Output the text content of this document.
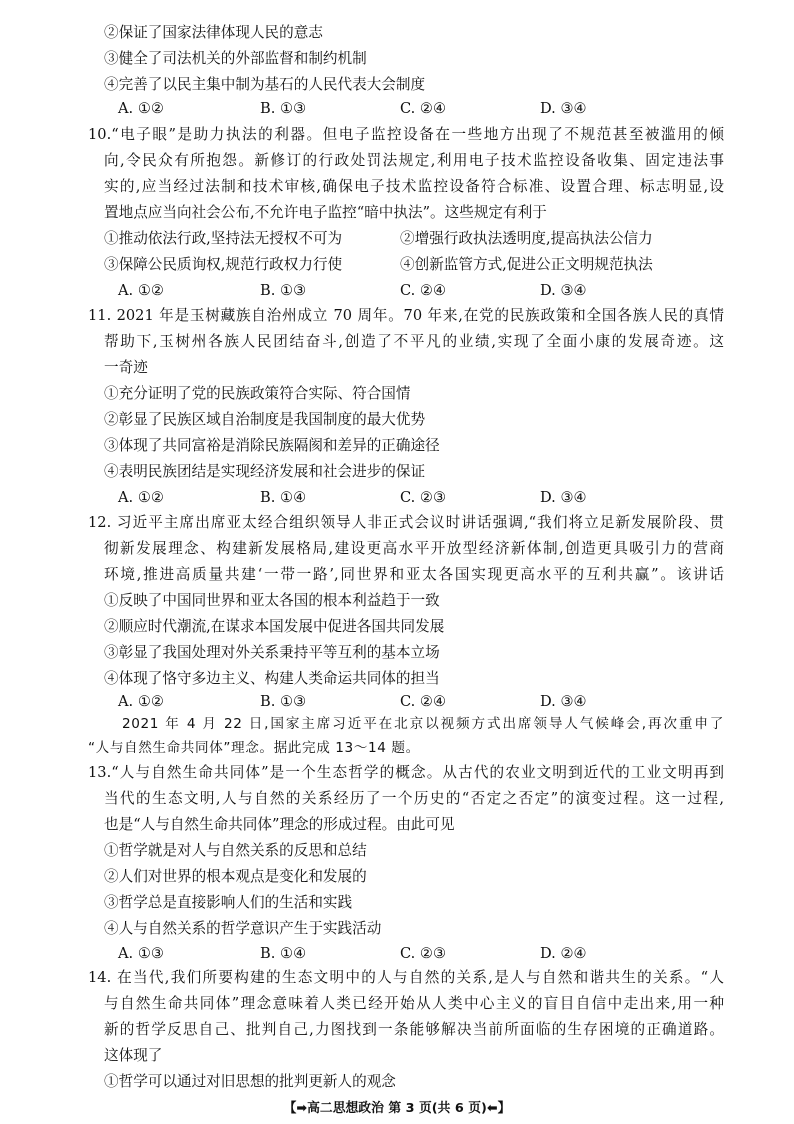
②保证了国家法律体现人民的意志
③健全了司法机关的外部监督和制约机制
④完善了以民主集中制为基石的人民代表大会制度
A. ①②	B. ①③	C. ②④	D. ③④
10.“电子眼”是助力执法的利器。但电子监控设备在一些地方出现了不规范甚至被滥用的倾
向,令民众有所抱怨。新修订的行政处罚法规定,利用电子技术监控设备收集、固定违法事
实的,应当经过法制和技术审核,确保电子技术监控设备符合标准、设置合理、标志明显,设
置地点应当向社会公布,不允许电子监控“暗中执法”。这些规定有利于
①推动依法行政,坚持法无授权不可为	②增强行政执法透明度,提高执法公信力
③保障公民质询权,规范行政权力行使	④创新监管方式,促进公正文明规范执法
A. ①②	B. ①③	C. ②④	D. ③④
11. 2021 年是玉树藏族自治州成立 70 周年。70 年来,在党的民族政策和全国各族人民的真情
帮助下,玉树州各族人民团结奋斗,创造了不平凡的业绩,实现了全面小康的发展奇迹。这
一奇迹
①充分证明了党的民族政策符合实际、符合国情
②彰显了民族区域自治制度是我国制度的最大优势
③体现了共同富裕是消除民族隔阂和差异的正确途径
④表明民族团结是实现经济发展和社会进步的保证
A. ①②	B. ①④	C. ②③	D. ③④
12. 习近平主席出席亚太经合组织领导人非正式会议时讲话强调,“我们将立足新发展阶段、贯
彻新发展理念、构建新发展格局,建设更高水平开放型经济新体制,创造更具吸引力的营商
环境,推进高质量共建‘一带一路’,同世界和亚太各国实现更高水平的互利共赢”。该讲话
①反映了中国同世界和亚太各国的根本利益趋于一致
②顺应时代潮流,在谋求本国发展中促进各国共同发展
③彰显了我国处理对外关系秉持平等互利的基本立场
④体现了恪守多边主义、构建人类命运共同体的担当
A. ①②	B. ①③	C. ②④	D. ③④
2021 年 4 月 22 日,国家主席习近平在北京以视频方式出席领导人气候峰会,再次重申了
“人与自然生命共同体”理念。据此完成 13～14 题。
13.“人与自然生命共同体”是一个生态哲学的概念。从古代的农业文明到近代的工业文明再到
当代的生态文明,人与自然的关系经历了一个历史的“否定之否定”的演变过程。这一过程,
也是“人与自然生命共同体”理念的形成过程。由此可见
①哲学就是对人与自然关系的反思和总结
②人们对世界的根本观点是变化和发展的
③哲学总是直接影响人们的生活和实践
④人与自然关系的哲学意识产生于实践活动
A. ①③	B. ①④	C. ②③	D. ②④
14. 在当代,我们所要构建的生态文明中的人与自然的关系,是人与自然和谐共生的关系。“人
与自然生命共同体”理念意味着人类已经开始从人类中心主义的盲目自信中走出来,用一种
新的哲学反思自己、批判自己,力图找到一条能够解决当前所面临的生存困境的正确道路。
这体现了
①哲学可以通过对旧思想的批判更新人的观念
【➡高二思想政治 第 3 页(共 6 页)⬅】
